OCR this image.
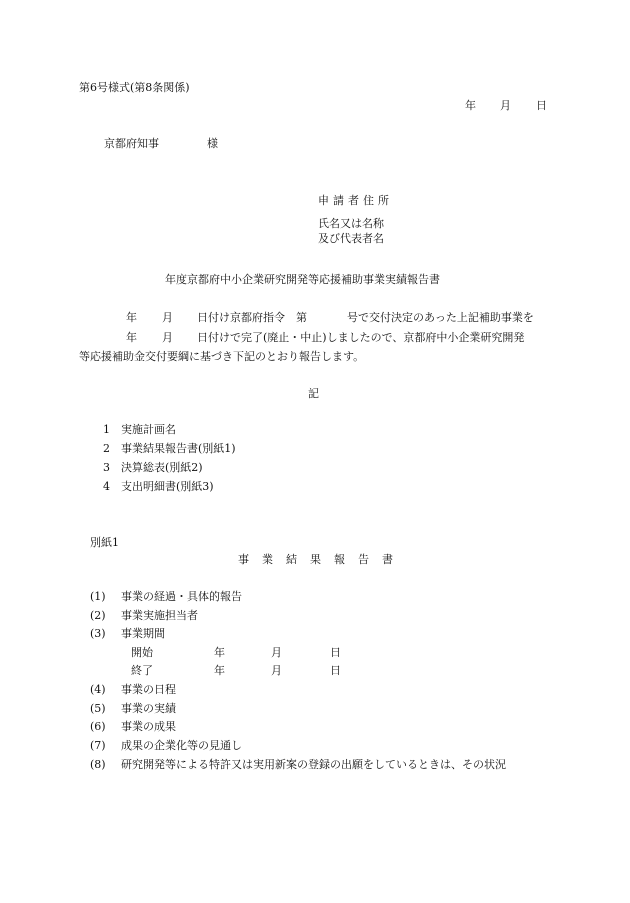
第6号様式(第8条関係)
年 月 日
京都府知事	様
申請者住所
氏名又は名称
及び代表者名
年度京都府中小企業研究開発等応援補助事業実績報告書
年 月 日付け京都府指令　第	号で交付決定のあった上記補助事業を
年 月 日付けで完了(廃止・中止)しましたので、京都府中小企業研究開発
等応援補助金交付要綱に基づき下記のとおり報告します。
記
1 実施計画名
2 事業結果報告書(別紙1)
3 決算総表(別紙2)
4 支出明細書(別紙3)
別紙1
事業結果報告書
(1) 事業の経過・具体的報告
(2) 事業実施担当者
(3) 事業期間
開始	年	月	日
終了	年	月	日
(4) 事業の日程
(5) 事業の実績
(6) 事業の成果
(7) 成果の企業化等の見通し
(8) 研究開発等による特許又は実用新案の登録の出願をしているときは、その状況
